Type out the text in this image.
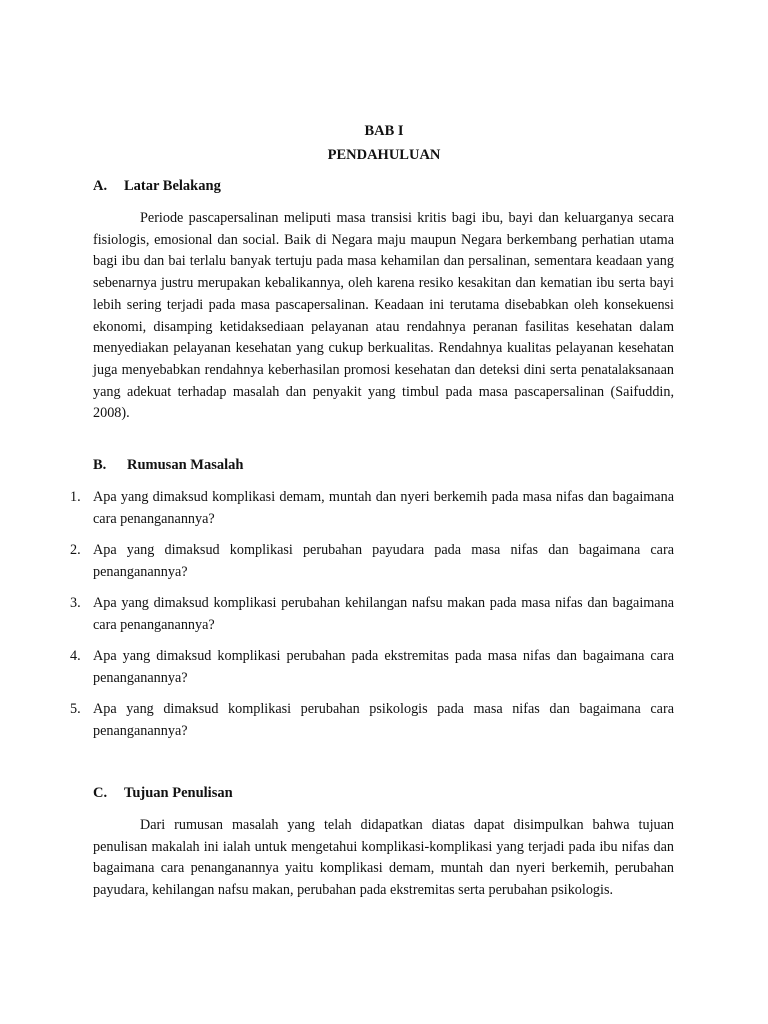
BAB I

PENDAHULUAN

A. Latar Belakang

Periode pascapersalinan meliputi masa transisi kritis bagi ibu, bayi dan keluarganya secara fisiologis, emosional dan social. Baik di Negara maju maupun Negara berkembang perhatian utama bagi ibu dan bai terlalu banyak tertuju pada masa kehamilan dan persalinan, sementara keadaan yang sebenarnya justru merupakan kebalikannya, oleh karena resiko kesakitan dan kematian ibu serta bayi lebih sering terjadi pada masa pascapersalinan. Keadaan ini terutama disebabkan oleh konsekuensi ekonomi, disamping ketidaksediaan pelayanan atau rendahnya peranan fasilitas kesehatan dalam menyediakan pelayanan kesehatan yang cukup berkualitas. Rendahnya kualitas pelayanan kesehatan juga menyebabkan rendahnya keberhasilan promosi kesehatan dan deteksi dini serta penatalaksanaan yang adekuat terhadap masalah dan penyakit yang timbul pada masa pascapersalinan (Saifuddin, 2008).

B. Rumusan Masalah

1. Apa yang dimaksud komplikasi demam, muntah dan nyeri berkemih pada masa nifas dan bagaimana cara penanganannya?
2. Apa yang dimaksud komplikasi perubahan payudara pada masa nifas dan bagaimana cara penanganannya?
3. Apa yang dimaksud komplikasi perubahan kehilangan nafsu makan pada masa nifas dan bagaimana cara penanganannya?
4. Apa yang dimaksud komplikasi perubahan pada ekstremitas pada masa nifas dan bagaimana cara penanganannya?
5. Apa yang dimaksud komplikasi perubahan psikologis pada masa nifas dan bagaimana cara penanganannya?

C. Tujuan Penulisan

Dari rumusan masalah yang telah didapatkan diatas dapat disimpulkan bahwa tujuan penulisan makalah ini ialah untuk mengetahui komplikasi-komplikasi yang terjadi pada ibu nifas dan bagaimana cara penanganannya yaitu komplikasi demam, muntah dan nyeri berkemih, perubahan payudara, kehilangan nafsu makan, perubahan pada ekstremitas serta perubahan psikologis.
